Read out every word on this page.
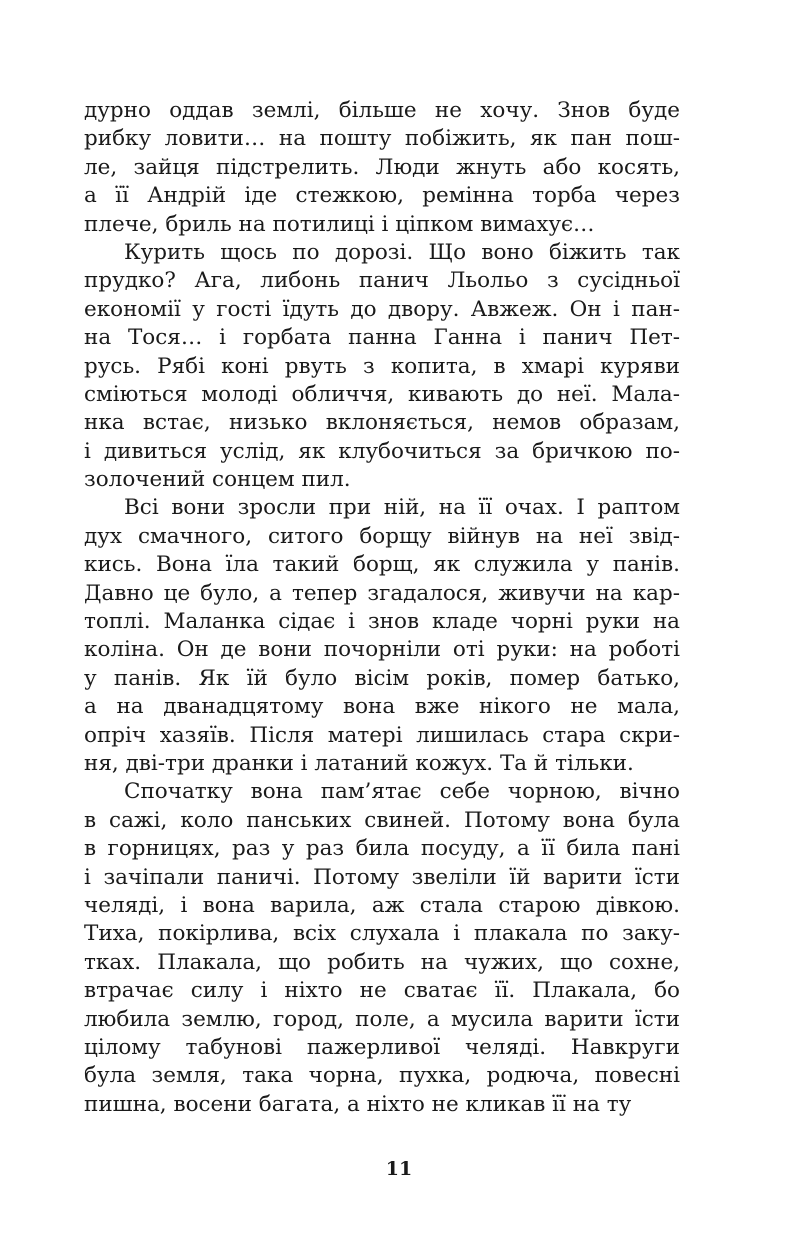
дурно оддав землі, більше не хочу. Знов буде
рибку ловити… на пошту побіжить, як пан пош-
ле, зайця підстрелить. Люди жнуть або косять,
а її Андрій іде стежкою, ремінна торба через
плече, бриль на потилиці і ціпком вимахує…
Курить щось по дорозі. Що воно біжить так
прудко? Ага, либонь панич Льольо з сусідньої
економії у гості їдуть до двору. Авжеж. Он і пан-
на Тося… і горбата панна Ганна і панич Пет-
русь. Рябі коні рвуть з копита, в хмарі куряви
сміються молоді обличчя, кивають до неї. Мала-
нка встає, низько вклоняється, немов образам,
і дивиться услід, як клубочиться за бричкою по-
золочений сонцем пил.
Всі вони зросли при ній, на її очах. І раптом
дух смачного, ситого борщу війнув на неї звід-
кись. Вона їла такий борщ, як служила у панів.
Давно це було, а тепер згадалося, живучи на кар-
топлі. Маланка сідає і знов кладе чорні руки на
коліна. Он де вони почорніли оті руки: на роботі
у панів. Як їй було вісім років, помер батько,
а на дванадцятому вона вже нікого не мала,
опріч хазяїв. Після матері лишилась стара скри-
ня, дві-три дранки і латаний кожух. Та й тільки.
Спочатку вона пам’ятає себе чорною, вічно
в сажі, коло панських свиней. Потому вона була
в горницях, раз у раз била посуду, а її била пані
і зачіпали паничі. Потому звеліли їй варити їсти
челяді, і вона варила, аж стала старою дівкою.
Тиха, покірлива, всіх слухала і плакала по заку-
тках. Плакала, що робить на чужих, що сохне,
втрачає силу і ніхто не сватає її. Плакала, бо
любила землю, город, поле, а мусила варити їсти
цілому табунові пажерливої челяді. Навкруги
була земля, така чорна, пухка, родюча, повесні
пишна, восени багата, а ніхто не кликав її на ту
11
